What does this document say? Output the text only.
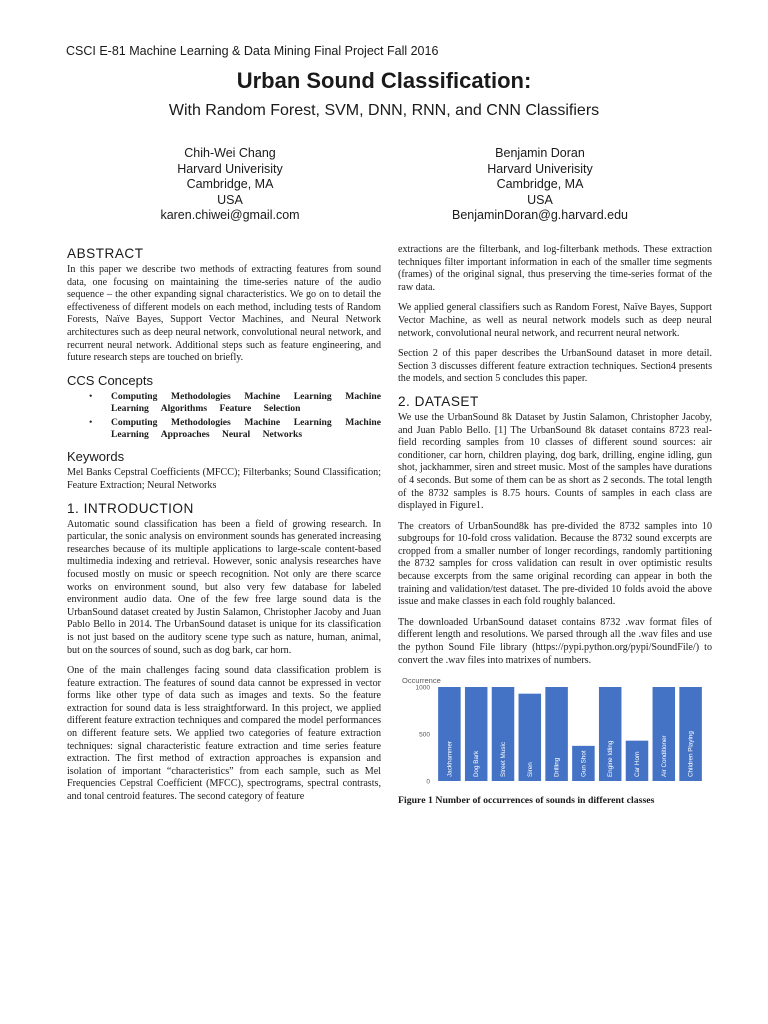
CSCI E-81 Machine Learning & Data Mining Final Project Fall 2016
Urban Sound Classification:
With Random Forest, SVM, DNN, RNN, and CNN Classifiers
Chih-Wei Chang
Harvard Univerisity
Cambridge, MA
USA
karen.chiwei@gmail.com
Benjamin Doran
Harvard Univerisity
Cambridge, MA
USA
BenjaminDoran@g.harvard.edu
ABSTRACT

In this paper we describe two methods of extracting features from sound data, one focusing on maintaining the time-series nature of the audio sequence – the other expanding signal characteristics. We go on to detail the effectiveness of different models on each method, including tests of Random Forests, Naïve Bayes, Support Vector Machines, and Neural Network architectures such as deep neural network, convolutional neural network, and recurrent neural network. Additional steps such as feature engineering, and future research steps are touched on briefly.

CCS Concepts
• Computing Methodologies Machine Learning Machine Learning Algorithms Feature Selection
• Computing Methodologies Machine Learning Machine Learning Approaches Neural Networks
Keywords

Mel Banks Cepstral Coefficients (MFCC); Filterbanks; Sound Classification; Feature Extraction; Neural Networks

1. INTRODUCTION

Automatic sound classification has been a field of growing research. In particular, the sonic analysis on environment sounds has generated increasing researches because of its multiple applications to large-scale content-based multimedia indexing and retrieval. However, sonic analysis researches have focused mostly on music or speech recognition. Not only are there scarce works on environment sound, but also very few database for labeled environment audio data. One of the few free large sound data is the UrbanSound dataset created by Justin Salamon, Christopher Jacoby and Juan Pablo Bello in 2014. The UrbanSound dataset is unique for its classification is not just based on the auditory scene type such as nature, human, animal, but on the sources of sound, such as dog bark, car horn.

One of the main challenges facing sound data classification problem is feature extraction. The features of sound data cannot be expressed in vector forms like other type of data such as images and texts. So the feature extraction for sound data is less straightforward. In this project, we applied different feature extraction techniques and compared the model performances on different feature sets. We applied two categories of feature extraction techniques: signal characteristic feature extraction and time series feature extraction. The first method of extraction approaches is expansion and isolation of important “characteristics” from each sample, such as Mel Frequencies Cepstral Coefficient (MFCC), spectrograms, spectral contrasts, and tonal centroid features. The second category of feature

extractions are the filterbank, and log-filterbank methods. These extraction techniques filter important information in each of the smaller time segments (frames) of the original signal, thus preserving the time-series format of the raw data.

We applied general classifiers such as Random Forest, Naïve Bayes, Support Vector Machine, as well as neural network models such as deep neural network, convolutional neural network, and recurrent neural network.

Section 2 of this paper describes the UrbanSound dataset in more detail. Section 3 discusses different feature extraction techniques. Section4 presents the models, and section 5 concludes this paper.

2. DATASET

We use the UrbanSound 8k Dataset by Justin Salamon, Christopher Jacoby, and Juan Pablo Bello. [1] The UrbanSound 8k dataset contains 8723 real-field recording samples from 10 classes of different sound sources: air conditioner, car horn, children playing, dog bark, drilling, engine idling, gun shot, jackhammer, siren and street music. Most of the samples have durations of 4 seconds. But some of them can be as short as 2 seconds. The total length of the 8732 samples is 8.75 hours. Counts of samples in each class are displayed in Figure1.

The creators of UrbanSound8k has pre-divided the 8732 samples into 10 subgroups for 10-fold cross validation. Because the 8732 sound excerpts are cropped from a smaller number of longer recordings, randomly partitioning the 8732 samples for cross validation can result in over optimistic results because excerpts from the same original recording can appear in both the training and validation/test dataset. The pre-divided 10 folds avoid the above issue and make classes in each fold roughly balanced.

The downloaded UrbanSound dataset contains 8732 .wav format files of different length and resolutions. We parsed through all the .wav files and use the python Sound File library (https://pypi.python.org/pypi/SoundFile/) to convert the .wav files into matrixes of numbers.

Occurrence
0
500
1000
Jackhammer	Dog Bark	Street Music	Siren	Drilling	Gun Shot	Engine Idling	Car Horn	Air Conditioner	Children Playing
Figure 1 Number of occurrences of sounds in different classes
